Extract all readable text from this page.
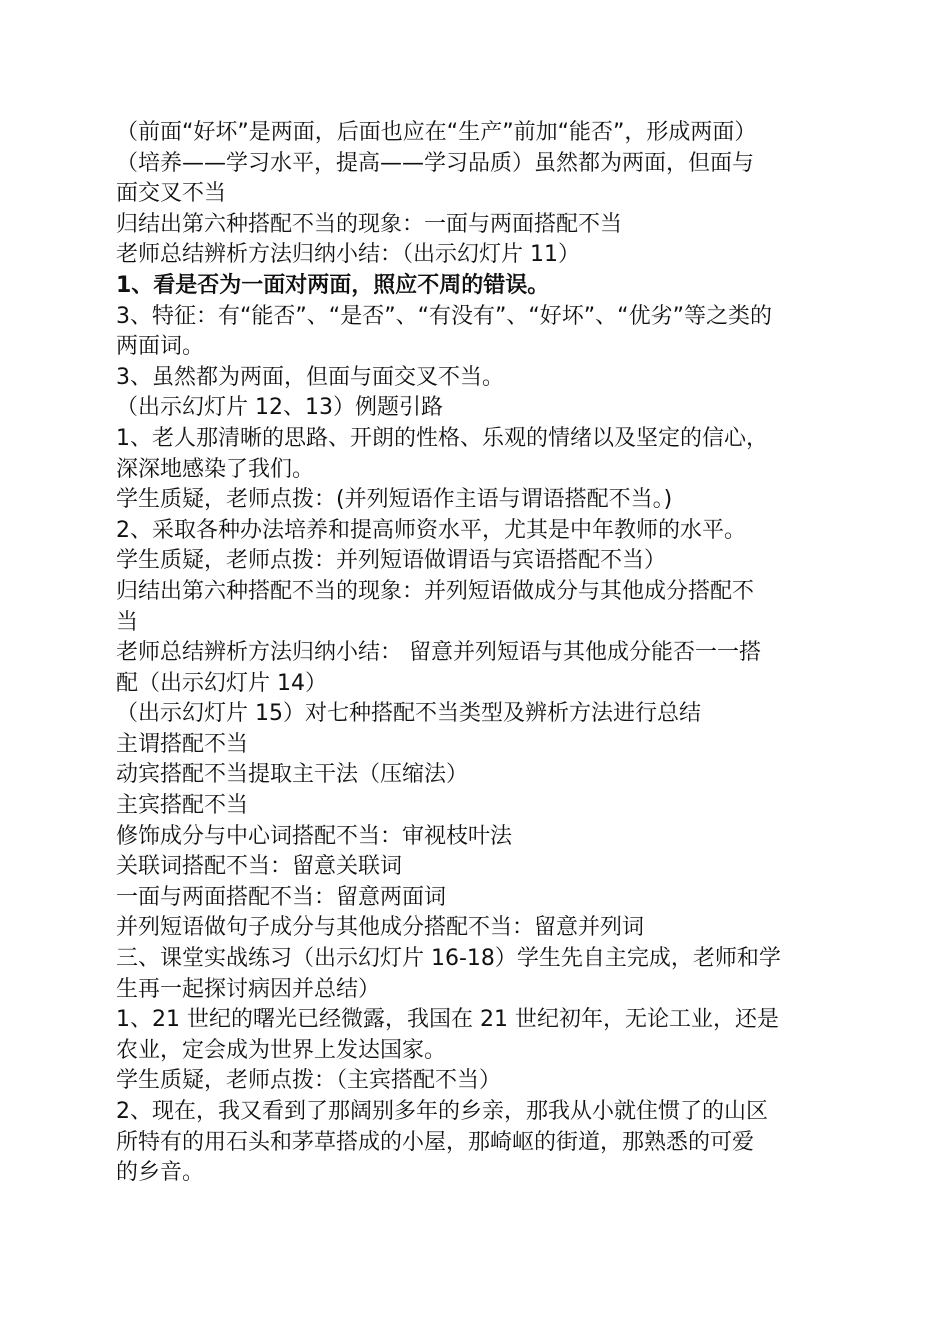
（前面“好坏”是两面，后面也应在“生产”前加“能否”，形成两面）
（培养——学习水平，提高——学习品质）虽然都为两面，但面与
面交叉不当
归结出第六种搭配不当的现象：一面与两面搭配不当
老师总结辨析方法归纳小结：（出示幻灯片 11）
1、看是否为一面对两面，照应不周的错误。
3、特征：有“能否”、“是否”、“有没有”、“好坏”、“优劣”等之类的
两面词。
3、虽然都为两面，但面与面交叉不当。
（出示幻灯片 12、13）例题引路
1、老人那清晰的思路、开朗的性格、乐观的情绪以及坚定的信心，
深深地感染了我们。
学生质疑，老师点拨：(并列短语作主语与谓语搭配不当。)
2、采取各种办法培养和提高师资水平，尤其是中年教师的水平。
学生质疑，老师点拨：并列短语做谓语与宾语搭配不当）
归结出第六种搭配不当的现象：并列短语做成分与其他成分搭配不
当
老师总结辨析方法归纳小结： 留意并列短语与其他成分能否一一搭
配（出示幻灯片 14）
（出示幻灯片 15）对七种搭配不当类型及辨析方法进行总结
主谓搭配不当
动宾搭配不当提取主干法（压缩法）
主宾搭配不当
修饰成分与中心词搭配不当：审视枝叶法
关联词搭配不当：留意关联词
一面与两面搭配不当：留意两面词
并列短语做句子成分与其他成分搭配不当：留意并列词
三、课堂实战练习（出示幻灯片 16-18）学生先自主完成，老师和学
生再一起探讨病因并总结）
1、21 世纪的曙光已经微露，我国在 21 世纪初年，无论工业，还是
农业，定会成为世界上发达国家。
学生质疑，老师点拨：（主宾搭配不当）
2、现在，我又看到了那阔别多年的乡亲，那我从小就住惯了的山区
所特有的用石头和茅草搭成的小屋，那崎岖的街道，那熟悉的可爱
的乡音。
